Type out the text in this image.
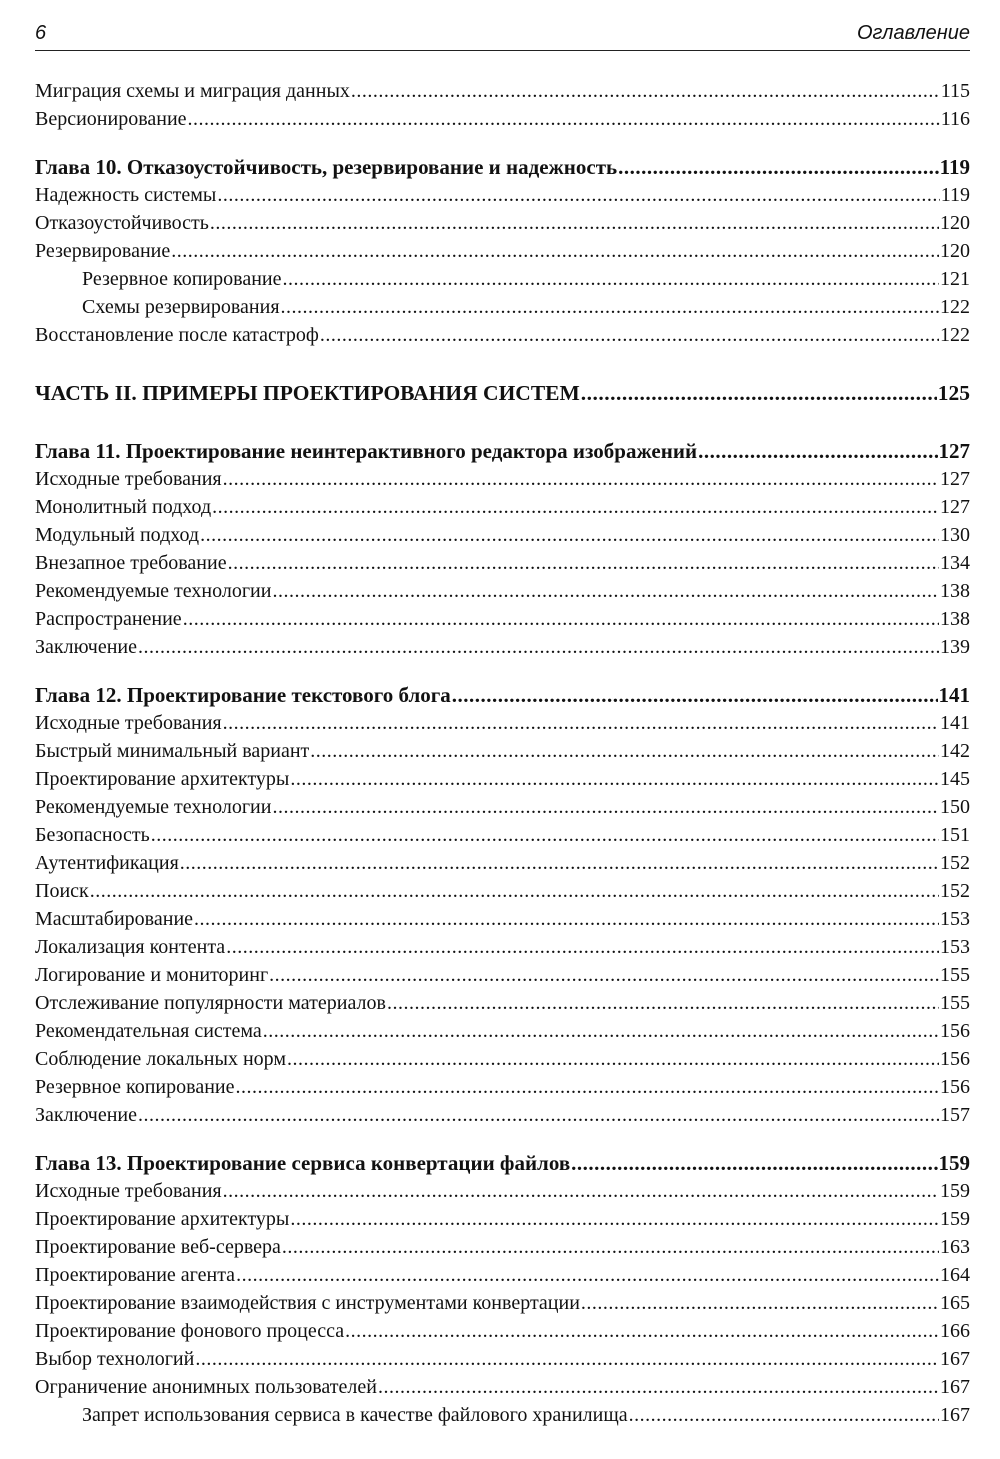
6	Оглавление
Миграция схемы и миграция данных .....	115
Версионирование .....	116
Глава 10. Отказоустойчивость, резервирование и надежность .....	119
Надежность системы .....	119
Отказоустойчивость .....	120
Резервирование .....	120
Резервное копирование .....	121
Схемы резервирования .....	122
Восстановление после катастроф .....	122
ЧАСТЬ II. ПРИМЕРЫ ПРОЕКТИРОВАНИЯ СИСТЕМ .....	125
Глава 11. Проектирование неинтерактивного редактора изображений .....	127
Исходные требования .....	127
Монолитный подход .....	127
Модульный подход .....	130
Внезапное требование .....	134
Рекомендуемые технологии .....	138
Распространение .....	138
Заключение .....	139
Глава 12. Проектирование текстового блога .....	141
Исходные требования .....	141
Быстрый минимальный вариант .....	142
Проектирование архитектуры .....	145
Рекомендуемые технологии .....	150
Безопасность .....	151
Аутентификация .....	152
Поиск .....	152
Масштабирование .....	153
Локализация контента .....	153
Логирование и мониторинг .....	155
Отслеживание популярности материалов .....	155
Рекомендательная система .....	156
Соблюдение локальных норм .....	156
Резервное копирование .....	156
Заключение .....	157
Глава 13. Проектирование сервиса конвертации файлов .....	159
Исходные требования .....	159
Проектирование архитектуры .....	159
Проектирование веб-сервера .....	163
Проектирование агента .....	164
Проектирование взаимодействия с инструментами конвертации .....	165
Проектирование фонового процесса .....	166
Выбор технологий .....	167
Ограничение анонимных пользователей .....	167
Запрет использования сервиса в качестве файлового хранилища .....	167
